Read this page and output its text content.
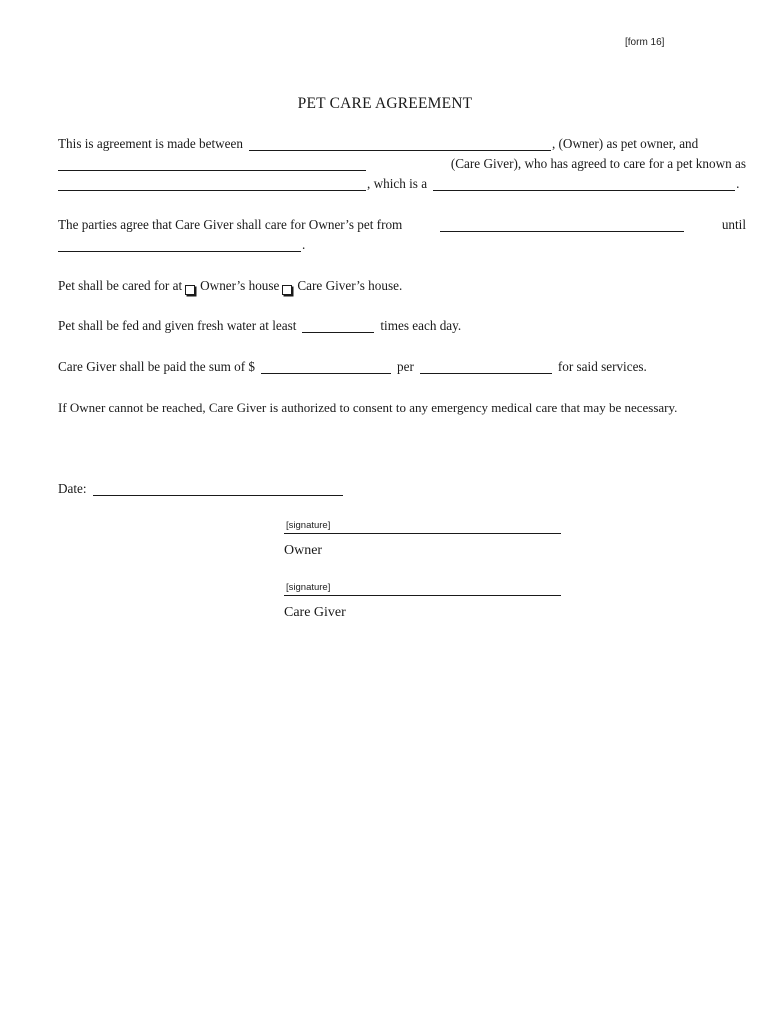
[form 16]
PET CARE AGREEMENT
This is agreement is made between	, (Owner) as pet owner, and
(Care Giver), who has agreed to care for a pet known as
, which is a	.
The parties agree that Care Giver shall care for Owner’s pet from	until
.
Pet shall be cared for at Owner’s house Care Giver’s house.
Pet shall be fed and given fresh water at least	times each day.
Care Giver shall be paid the sum of $	per	for said services.
If Owner cannot be reached, Care Giver is authorized to consent to any emergency medical care that may be necessary.
Date:
[signature]
Owner
[signature]
Care Giver
